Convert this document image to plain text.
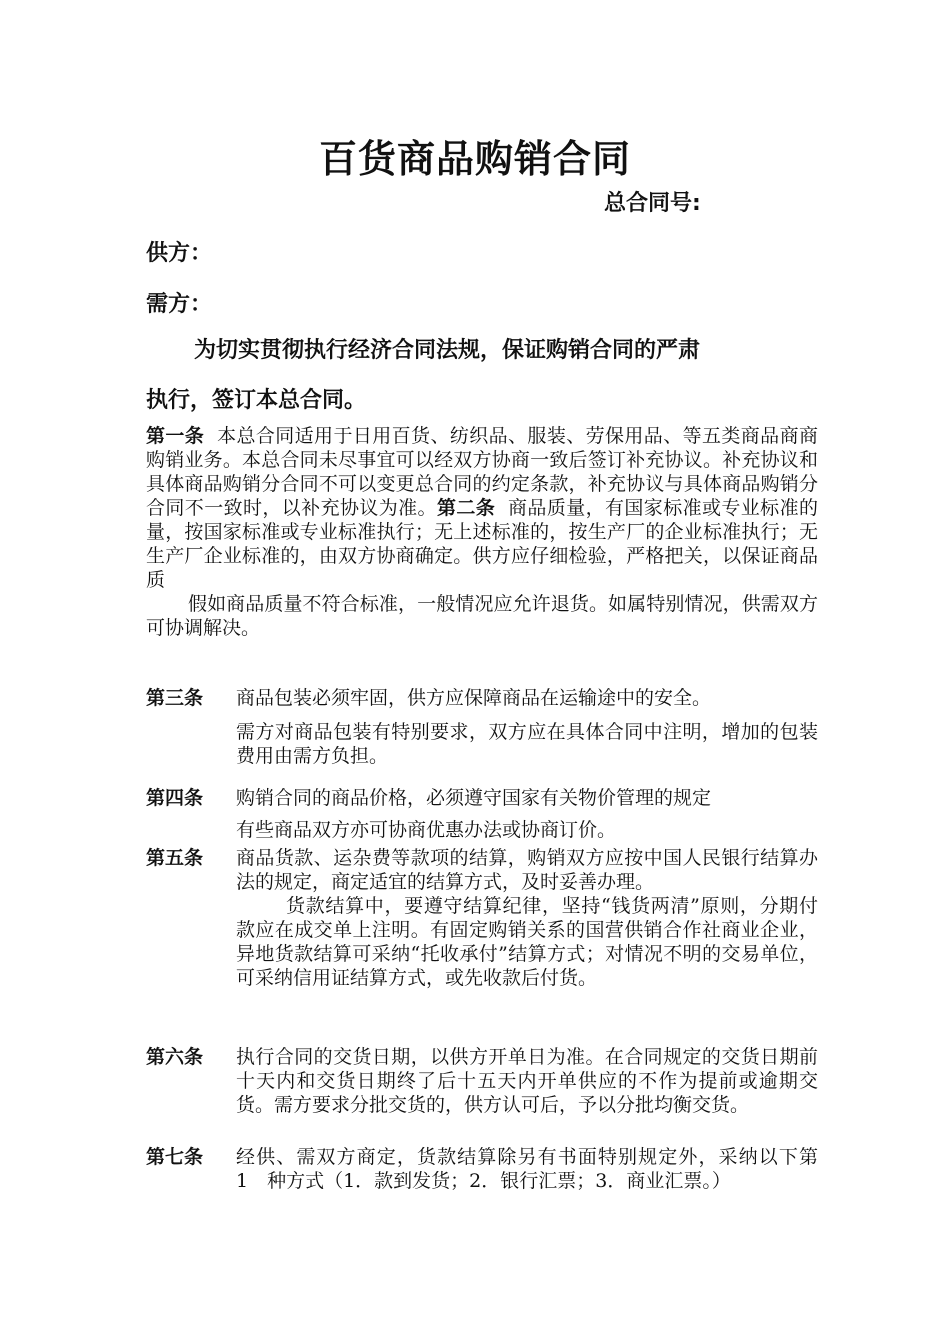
百货商品购销合同
总合同号:
供方：
需方：
为切实贯彻执行经济合同法规，保证购销合同的严肃
执行，签订本总合同。

第一条 本总合同适用于日用百货、纺织品、服装、劳保用品、等五类商品商商购销业务。本总合同未尽事宜可以经双方协商一致后签订补充协议。补充协议和具体商品购销分合同不可以变更总合同的约定条款，补充协议与具体商品购销分合同不一致时，以补充协议为准。第二条 商品质量，有国家标准或专业标准的量，按国家标准或专业标准执行；无上述标准的，按生产厂的企业标准执行；无生产厂企业标准的，由双方协商确定。供方应仔细检验，严格把关，以保证商品质

假如商品质量不符合标准，一般情况应允许退货。如属特别情况，供需双方可协调解决。

第三条 商品包装必须牢固，供方应保障商品在运输途中的安全。

需方对商品包装有特别要求，双方应在具体合同中注明，增加的包装费用由需方负担。

第四条 购销合同的商品价格，必须遵守国家有关物价管理的规定

有些商品双方亦可协商优惠办法或协商订价。

第五条 商品货款、运杂费等款项的结算，购销双方应按中国人民银行结算办法的规定，商定适宜的结算方式，及时妥善办理。

货款结算中，要遵守结算纪律，坚持“钱货两清”原则，分期付款应在成交单上注明。有固定购销关系的国营供销合作社商业企业，异地货款结算可采纳“托收承付”结算方式；对情况不明的交易单位，可采纳信用证结算方式，或先收款后付货。

第六条 执行合同的交货日期，以供方开单日为准。在合同规定的交货日期前十天内和交货日期终了后十五天内开单供应的不作为提前或逾期交货。需方要求分批交货的，供方认可后，予以分批均衡交货。

第七条 经供、需双方商定，货款结算除另有书面特别规定外，采纳以下第　1　种方式（1．款到发货；2．银行汇票；3．商业汇票。）
